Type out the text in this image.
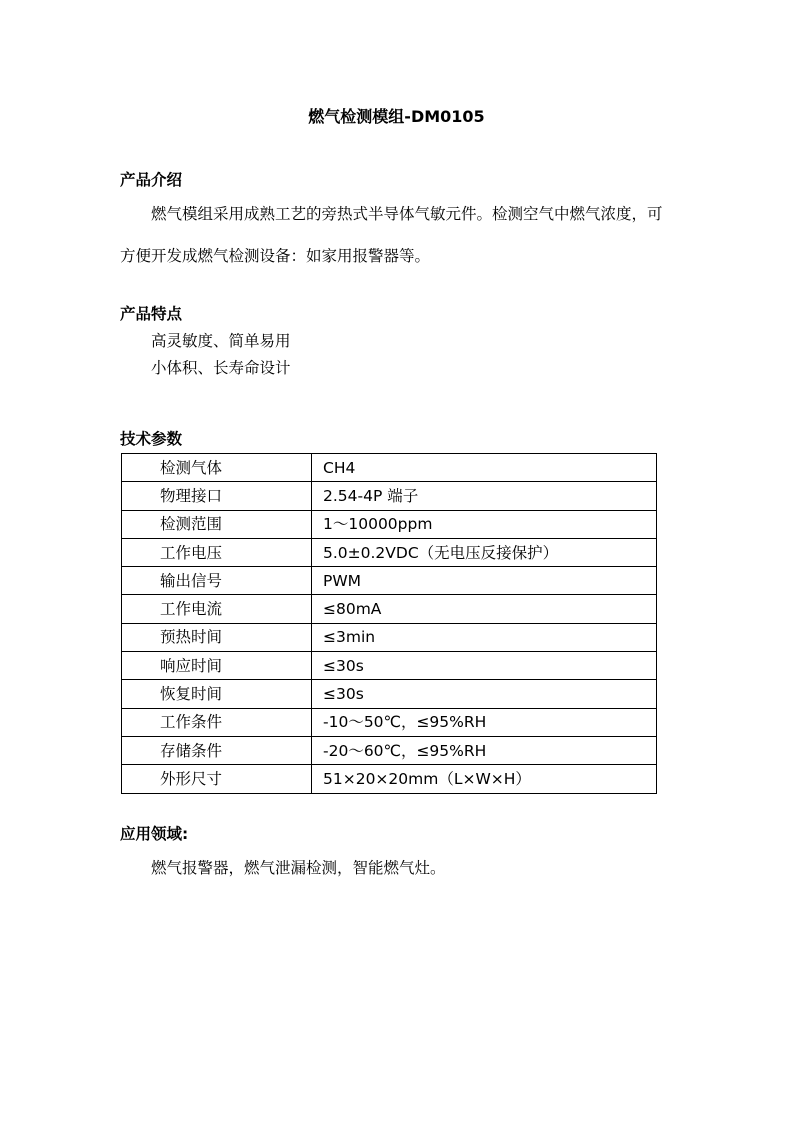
燃气检测模组-DM0105
产品介绍
燃气模组采用成熟工艺的旁热式半导体气敏元件。检测空气中燃气浓度，可
方便开发成燃气检测设备：如家用报警器等。
产品特点
高灵敏度、简单易用
小体积、长寿命设计
技术参数
检测气体	CH4
物理接口	2.54-4P 端子
检测范围	1～10000ppm
工作电压	5.0±0.2VDC（无电压反接保护）
输出信号	PWM
工作电流	≤80mA
预热时间	≤3min
响应时间	≤30s
恢复时间	≤30s
工作条件	-10～50℃，≤95%RH
存储条件	-20～60℃，≤95%RH
外形尺寸	51×20×20mm（L×W×H）
应用领域:
燃气报警器，燃气泄漏检测，智能燃气灶。
